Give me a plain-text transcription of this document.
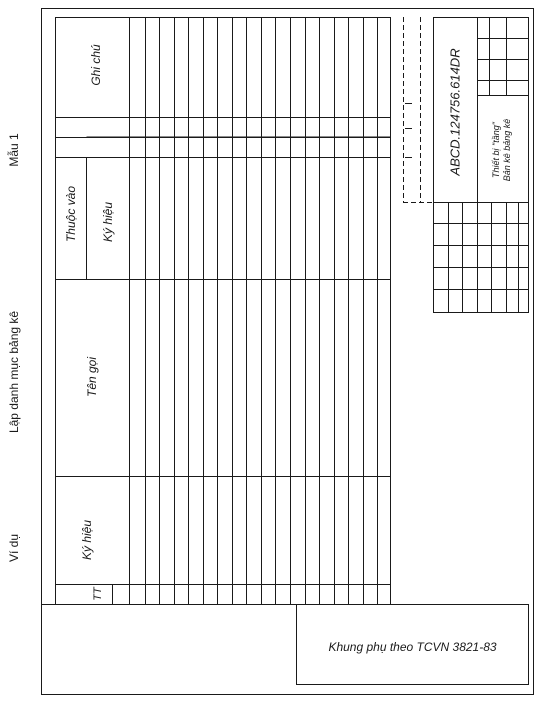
Ví dụ
Lập danh mục bảng kê
Mẫu 1
Ghi chú
Thuộc vào Ký hiệu
Tên gọi
Ký hiệu
TT
ABCD.124756.614DR	Thiết bị "tầng" Bản kê bảng kê
Khung phụ theo TCVN 3821-83
